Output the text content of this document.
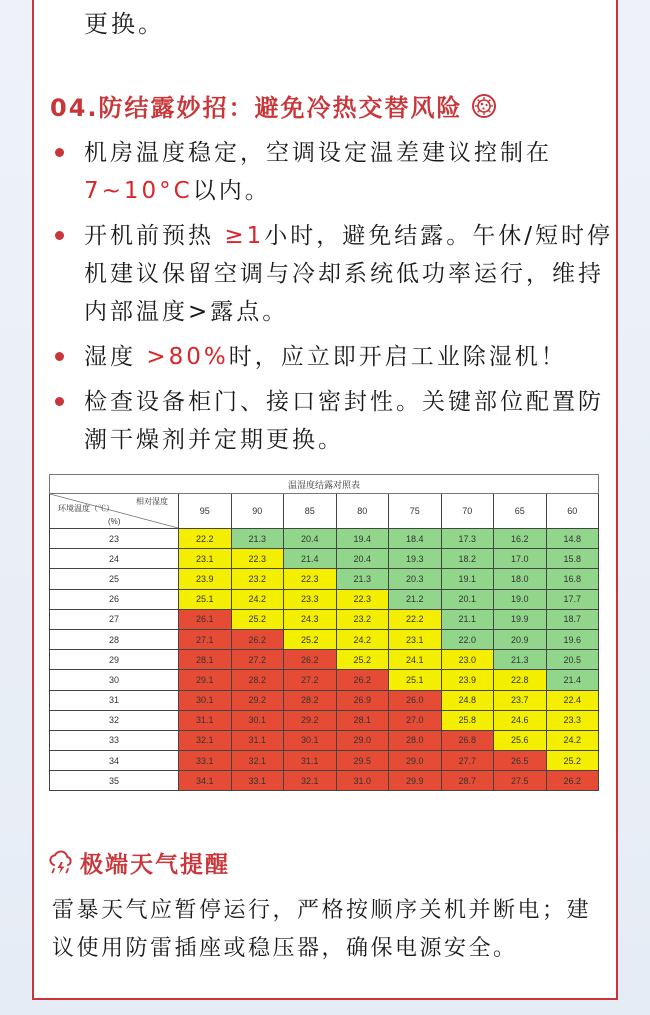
更换。
04.防结露妙招：避免冷热交替风险
机房温度稳定，空调设定温差建议控制在7~10°C以内。
开机前预热 ≥1小时，避免结露。午休/短时停机建议保留空调与冷却系统低功率运行，维持内部温度>露点。
湿度 >80%时，应立即开启工业除湿机！
检查设备柜门、接口密封性。关键部位配置防潮干燥剂并定期更换。
温湿度结露对照表								

相对湿度
环境温度（℃）
(%)	95	90	85	80	75	70	65	60
23	22.2	21.3	20.4	19.4	18.4	17.3	16.2	14.8
24	23.1	22.3	21.4	20.4	19.3	18.2	17.0	15.8
25	23.9	23.2	22.3	21.3	20.3	19.1	18.0	16.8
26	25.1	24.2	23.3	22.3	21.2	20.1	19.0	17.7
27	26.1	25.2	24.3	23.2	22.2	21.1	19.9	18.7
28	27.1	26.2	25.2	24.2	23.1	22.0	20.9	19.6
29	28.1	27.2	26.2	25.2	24.1	23.0	21.3	20.5
30	29.1	28.2	27.2	26.2	25.1	23.9	22.8	21.4
31	30.1	29.2	28.2	26.9	26.0	24.8	23.7	22.4
32	31.1	30.1	29.2	28.1	27.0	25.8	24.6	23.3
33	32.1	31.1	30.1	29.0	28.0	26.8	25.6	24.2
34	33.1	32.1	31.1	29.5	29.0	27.7	26.5	25.2
35	34.1	33.1	32.1	31.0	29.9	28.7	27.5	26.2
极端天气提醒
雷暴天气应暂停运行，严格按顺序关机并断电；建议使用防雷插座或稳压器，确保电源安全。
